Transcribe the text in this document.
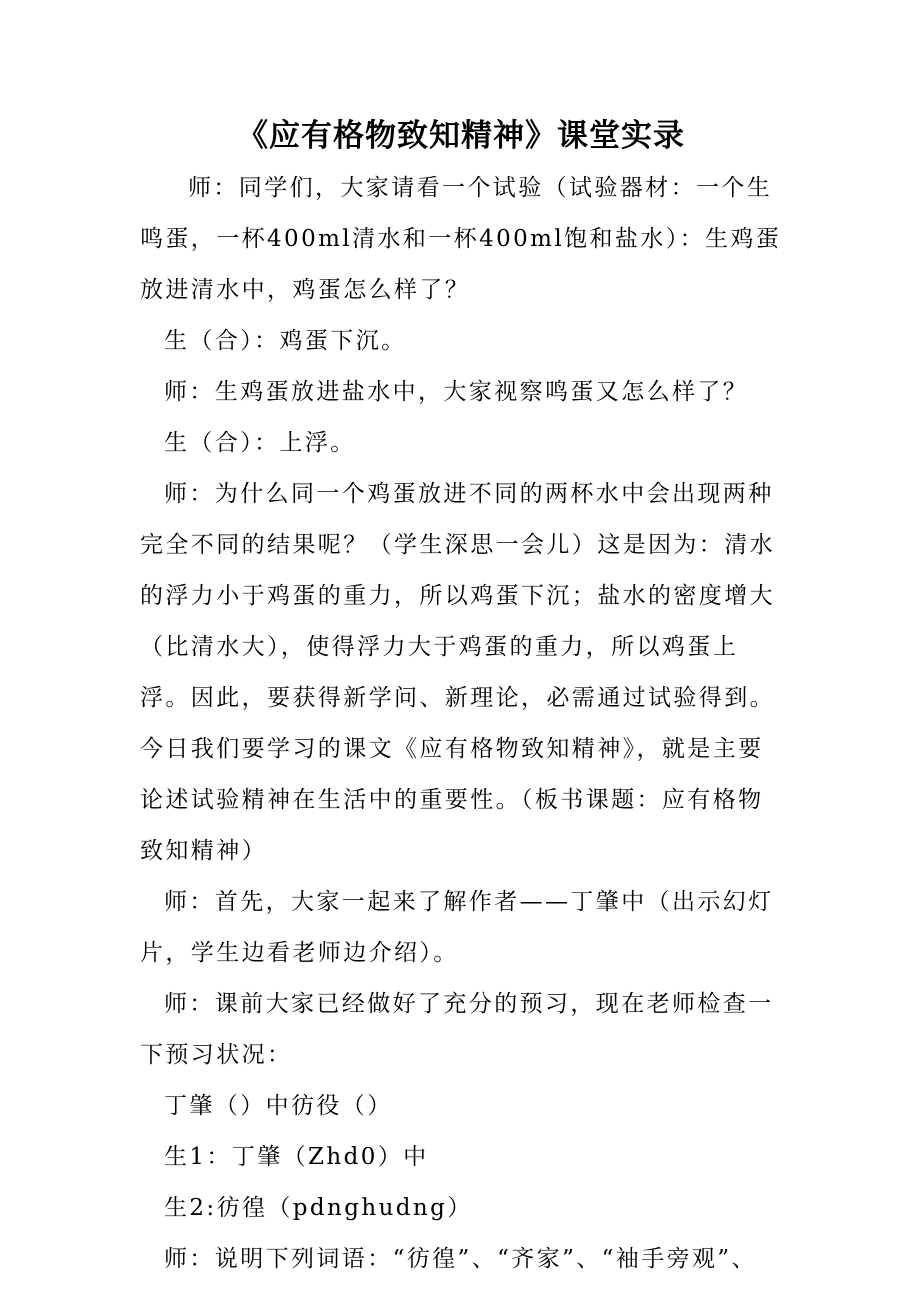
《应有格物致知精神》课堂实录

师：同学们，大家请看一个试验（试验器材：一个生鸣蛋，一杯400ml清水和一杯400ml饱和盐水）：生鸡蛋放进清水中，鸡蛋怎么样了？

生（合）：鸡蛋下沉。

师：生鸡蛋放进盐水中，大家视察鸣蛋又怎么样了？

生（合）：上浮。

师：为什么同一个鸡蛋放进不同的两杯水中会出现两种完全不同的结果呢？（学生深思一会儿）这是因为：清水的浮力小于鸡蛋的重力，所以鸡蛋下沉；盐水的密度增大（比清水大），使得浮力大于鸡蛋的重力，所以鸡蛋上浮。因此，要获得新学问、新理论，必需通过试验得到。今日我们要学习的课文《应有格物致知精神》，就是主要论述试验精神在生活中的重要性。（板书课题：应有格物致知精神）

师：首先，大家一起来了解作者——丁肇中（出示幻灯片，学生边看老师边介绍）。

师：课前大家已经做好了充分的预习，现在老师检查一下预习状况：

丁肇（）中彷役（）

生1：丁肇（Zhd0）中

生2:彷徨（pdnghudng）

师：说明下列词语：“彷徨”、“齐家”、“袖手旁观”、
